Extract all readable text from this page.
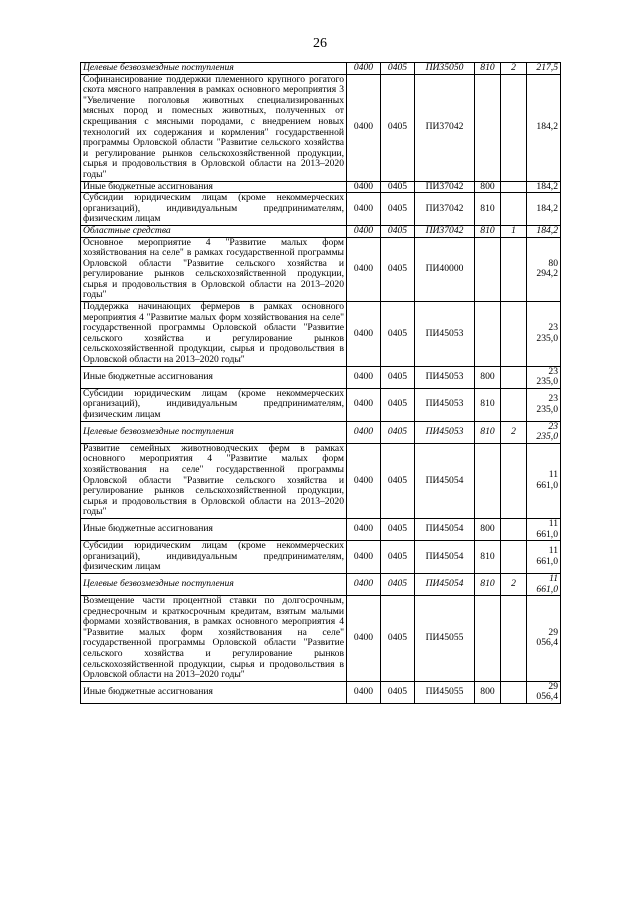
26
Целевые безвозмездные поступления	0400	0405	ПИ35050	810	2	217,5
Софинансирование поддержки племенного крупного рогатого скота мясного направления в рамках основного мероприятия 3 "Увеличение поголовья животных специализированных мясных пород и помесных животных, полученных от скрещивания с мясными породами, с внедрением новых технологий их содержания и кормления" государственной программы Орловской области "Развитие сельского хозяйства и регулирование рынков сельскохозяйственной продукции, сырья и продовольствия в Орловской области на 2013–2020 годы"	0400	0405	ПИ37042			184,2
Иные бюджетные ассигнования	0400	0405	ПИ37042	800		184,2
Субсидии юридическим лицам (кроме некоммерческих организаций), индивидуальным предпринимателям, физическим лицам	0400	0405	ПИ37042	810		184,2
Областные средства	0400	0405	ПИ37042	810	1	184,2
Основное мероприятие 4 "Развитие малых форм хозяйствования на селе" в рамках государственной программы Орловской области "Развитие сельского хозяйства и регулирование рынков сельскохозяйственной продукции, сырья и продовольствия в Орловской области на 2013–2020 годы"	0400	0405	ПИ40000			80 294,2
Поддержка начинающих фермеров в рамках основного мероприятия 4 "Развитие малых форм хозяйствования на селе" государственной программы Орловской области "Развитие сельского хозяйства и регулирование рынков сельскохозяйственной продукции, сырья и продовольствия в Орловской области на 2013–2020 годы"	0400	0405	ПИ45053			23 235,0
Иные бюджетные ассигнования	0400	0405	ПИ45053	800		23 235,0
Субсидии юридическим лицам (кроме некоммерческих организаций), индивидуальным предпринимателям, физическим лицам	0400	0405	ПИ45053	810		23 235,0
Целевые безвозмездные поступления	0400	0405	ПИ45053	810	2	23 235,0
Развитие семейных животноводческих ферм в рамках основного мероприятия 4 "Развитие малых форм хозяйствования на селе" государственной программы Орловской области "Развитие сельского хозяйства и регулирование рынков сельскохозяйственной продукции, сырья и продовольствия в Орловской области на 2013–2020 годы"	0400	0405	ПИ45054			11 661,0
Иные бюджетные ассигнования	0400	0405	ПИ45054	800		11 661,0
Субсидии юридическим лицам (кроме некоммерческих организаций), индивидуальным предпринимателям, физическим лицам	0400	0405	ПИ45054	810		11 661,0
Целевые безвозмездные поступления	0400	0405	ПИ45054	810	2	11 661,0
Возмещение части процентной ставки по долгосрочным, среднесрочным и краткосрочным кредитам, взятым малыми формами хозяйствования, в рамках основного мероприятия 4 "Развитие малых форм хозяйствования на селе" государственной программы Орловской области "Развитие сельского хозяйства и регулирование рынков сельскохозяйственной продукции, сырья и продовольствия в Орловской области на 2013–2020 годы"	0400	0405	ПИ45055			29 056,4
Иные бюджетные ассигнования	0400	0405	ПИ45055	800		29 056,4
